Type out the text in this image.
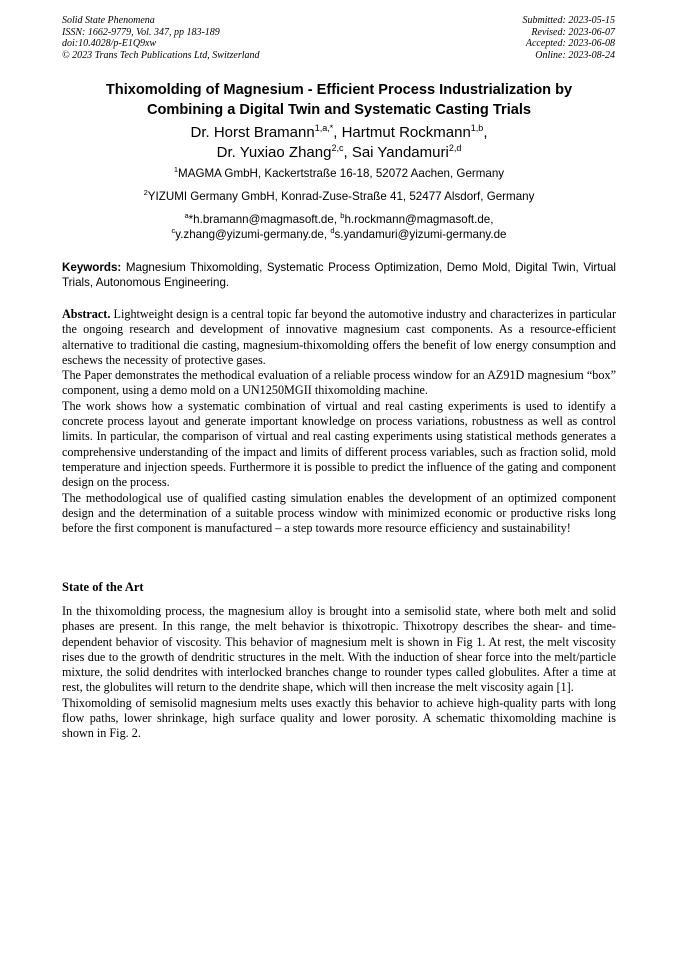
Solid State Phenomena
ISSN: 1662-9779, Vol. 347, pp 183-189
doi:10.4028/p-E1Q9xw
© 2023 Trans Tech Publications Ltd, Switzerland
Submitted: 2023-05-15
Revised: 2023-06-07
Accepted: 2023-06-08
Online: 2023-08-24
Thixomolding of Magnesium - Efficient Process Industrialization by
Combining a Digital Twin and Systematic Casting Trials
Dr. Horst Bramann$^{1,a,*}$, Hartmut Rockmann$^{1,b}$,
Dr. Yuxiao Zhang$^{2,c}$, Sai Yandamuri$^{2,d}$
$^1$MAGMA GmbH, Kackertstraße 16-18, 52072 Aachen, Germany
$^2$YIZUMI Germany GmbH, Konrad-Zuse-Straße 41, 52477 Alsdorf, Germany
$^a$*h.bramann@magmasoft.de, $^b$h.rockmann@magmasoft.de,
$^c$y.zhang@yizumi-germany.de, $^d$s.yandamuri@yizumi-germany.de
Keywords: Magnesium Thixomolding, Systematic Process Optimization, Demo Mold, Digital Twin, Virtual Trials, Autonomous Engineering.

Abstract. Lightweight design is a central topic far beyond the automotive industry and characterizes in particular the ongoing research and development of innovative magnesium cast components. As a resource-efficient alternative to traditional die casting, magnesium-thixomolding offers the benefit of low energy consumption and eschews the necessity of protective gases.

The Paper demonstrates the methodical evaluation of a reliable process window for an AZ91D magnesium “box” component, using a demo mold on a UN1250MGII thixomolding machine.

The work shows how a systematic combination of virtual and real casting experiments is used to identify a concrete process layout and generate important knowledge on process variations, robustness as well as control limits. In particular, the comparison of virtual and real casting experiments using statistical methods generates a comprehensive understanding of the impact and limits of different process variables, such as fraction solid, mold temperature and injection speeds. Furthermore it is possible to predict the influence of the gating and component design on the process.

The methodological use of qualified casting simulation enables the development of an optimized component design and the determination of a suitable process window with minimized economic or productive risks long before the first component is manufactured – a step towards more resource efficiency and sustainability!

State of the Art

In the thixomolding process, the magnesium alloy is brought into a semisolid state, where both melt and solid phases are present. In this range, the melt behavior is thixotropic. Thixotropy describes the shear- and time-dependent behavior of viscosity. This behavior of magnesium melt is shown in Fig 1. At rest, the melt viscosity rises due to the growth of dendritic structures in the melt. With the induction of shear force into the melt/particle mixture, the solid dendrites with interlocked branches change to rounder types called globulites. After a time at rest, the globulites will return to the dendrite shape, which will then increase the melt viscosity again [1].

Thixomolding of semisolid magnesium melts uses exactly this behavior to achieve high-quality parts with long flow paths, lower shrinkage, high surface quality and lower porosity. A schematic thixomolding machine is shown in Fig. 2.
